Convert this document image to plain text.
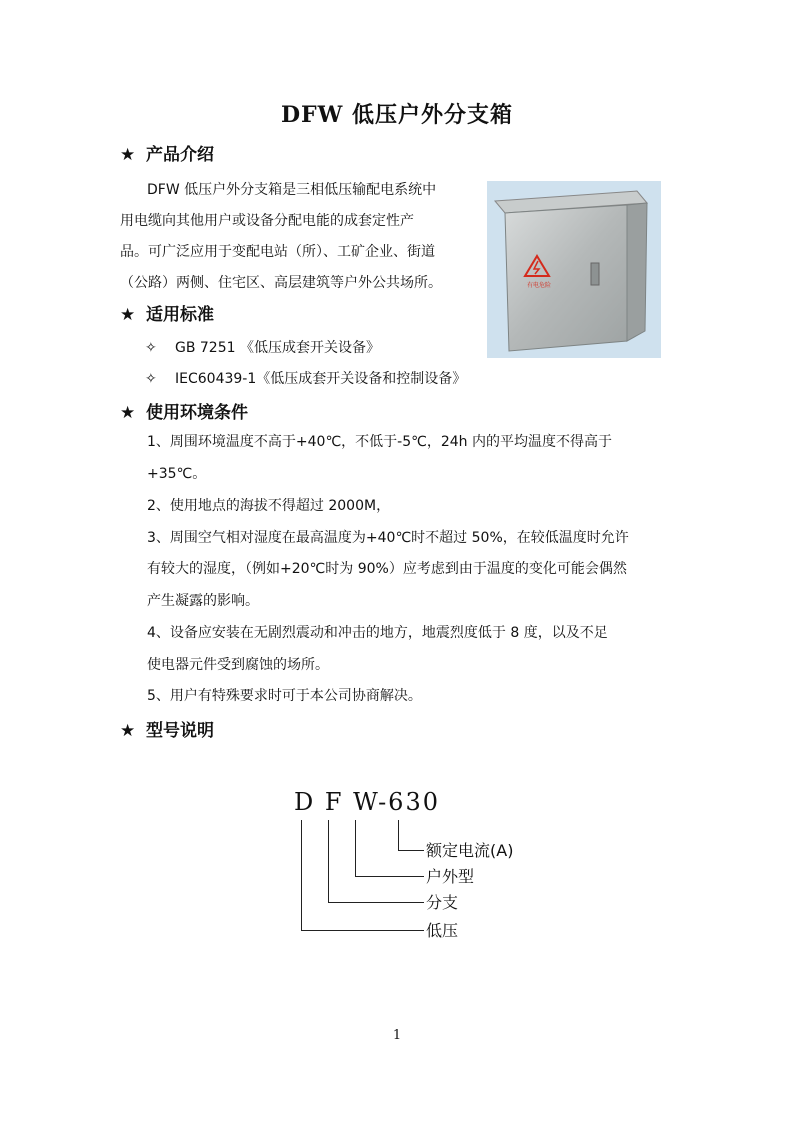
DFW 低压户外分支箱
★ 产品介绍
DFW 低压户外分支箱是三相低压输配电系统中
用电缆向其他用户或设备分配电能的成套定性产
品。可广泛应用于变配电站（所）、工矿企业、街道
（公路）两侧、住宅区、高层建筑等户外公共场所。	有电危险
★ 适用标准
✧ GB 7251 《低压成套开关设备》
✧ IEC60439-1《低压成套开关设备和控制设备》
★ 使用环境条件
1、周围环境温度不高于+40℃，不低于-5℃，24h 内的平均温度不得高于
+35℃。
2、使用地点的海拔不得超过 2000M，
3、周围空气相对湿度在最高温度为+40℃时不超过 50%，在较低温度时允许
有较大的湿度，（例如+20℃时为 90%）应考虑到由于温度的变化可能会偶然
产生凝露的影响。
4、设备应安装在无剧烈震动和冲击的地方，地震烈度低于 8 度，以及不足
使电器元件受到腐蚀的场所。
5、用户有特殊要求时可于本公司协商解决。
★ 型号说明
D F W-630
额定电流(A)
户外型
分支
低压
1
